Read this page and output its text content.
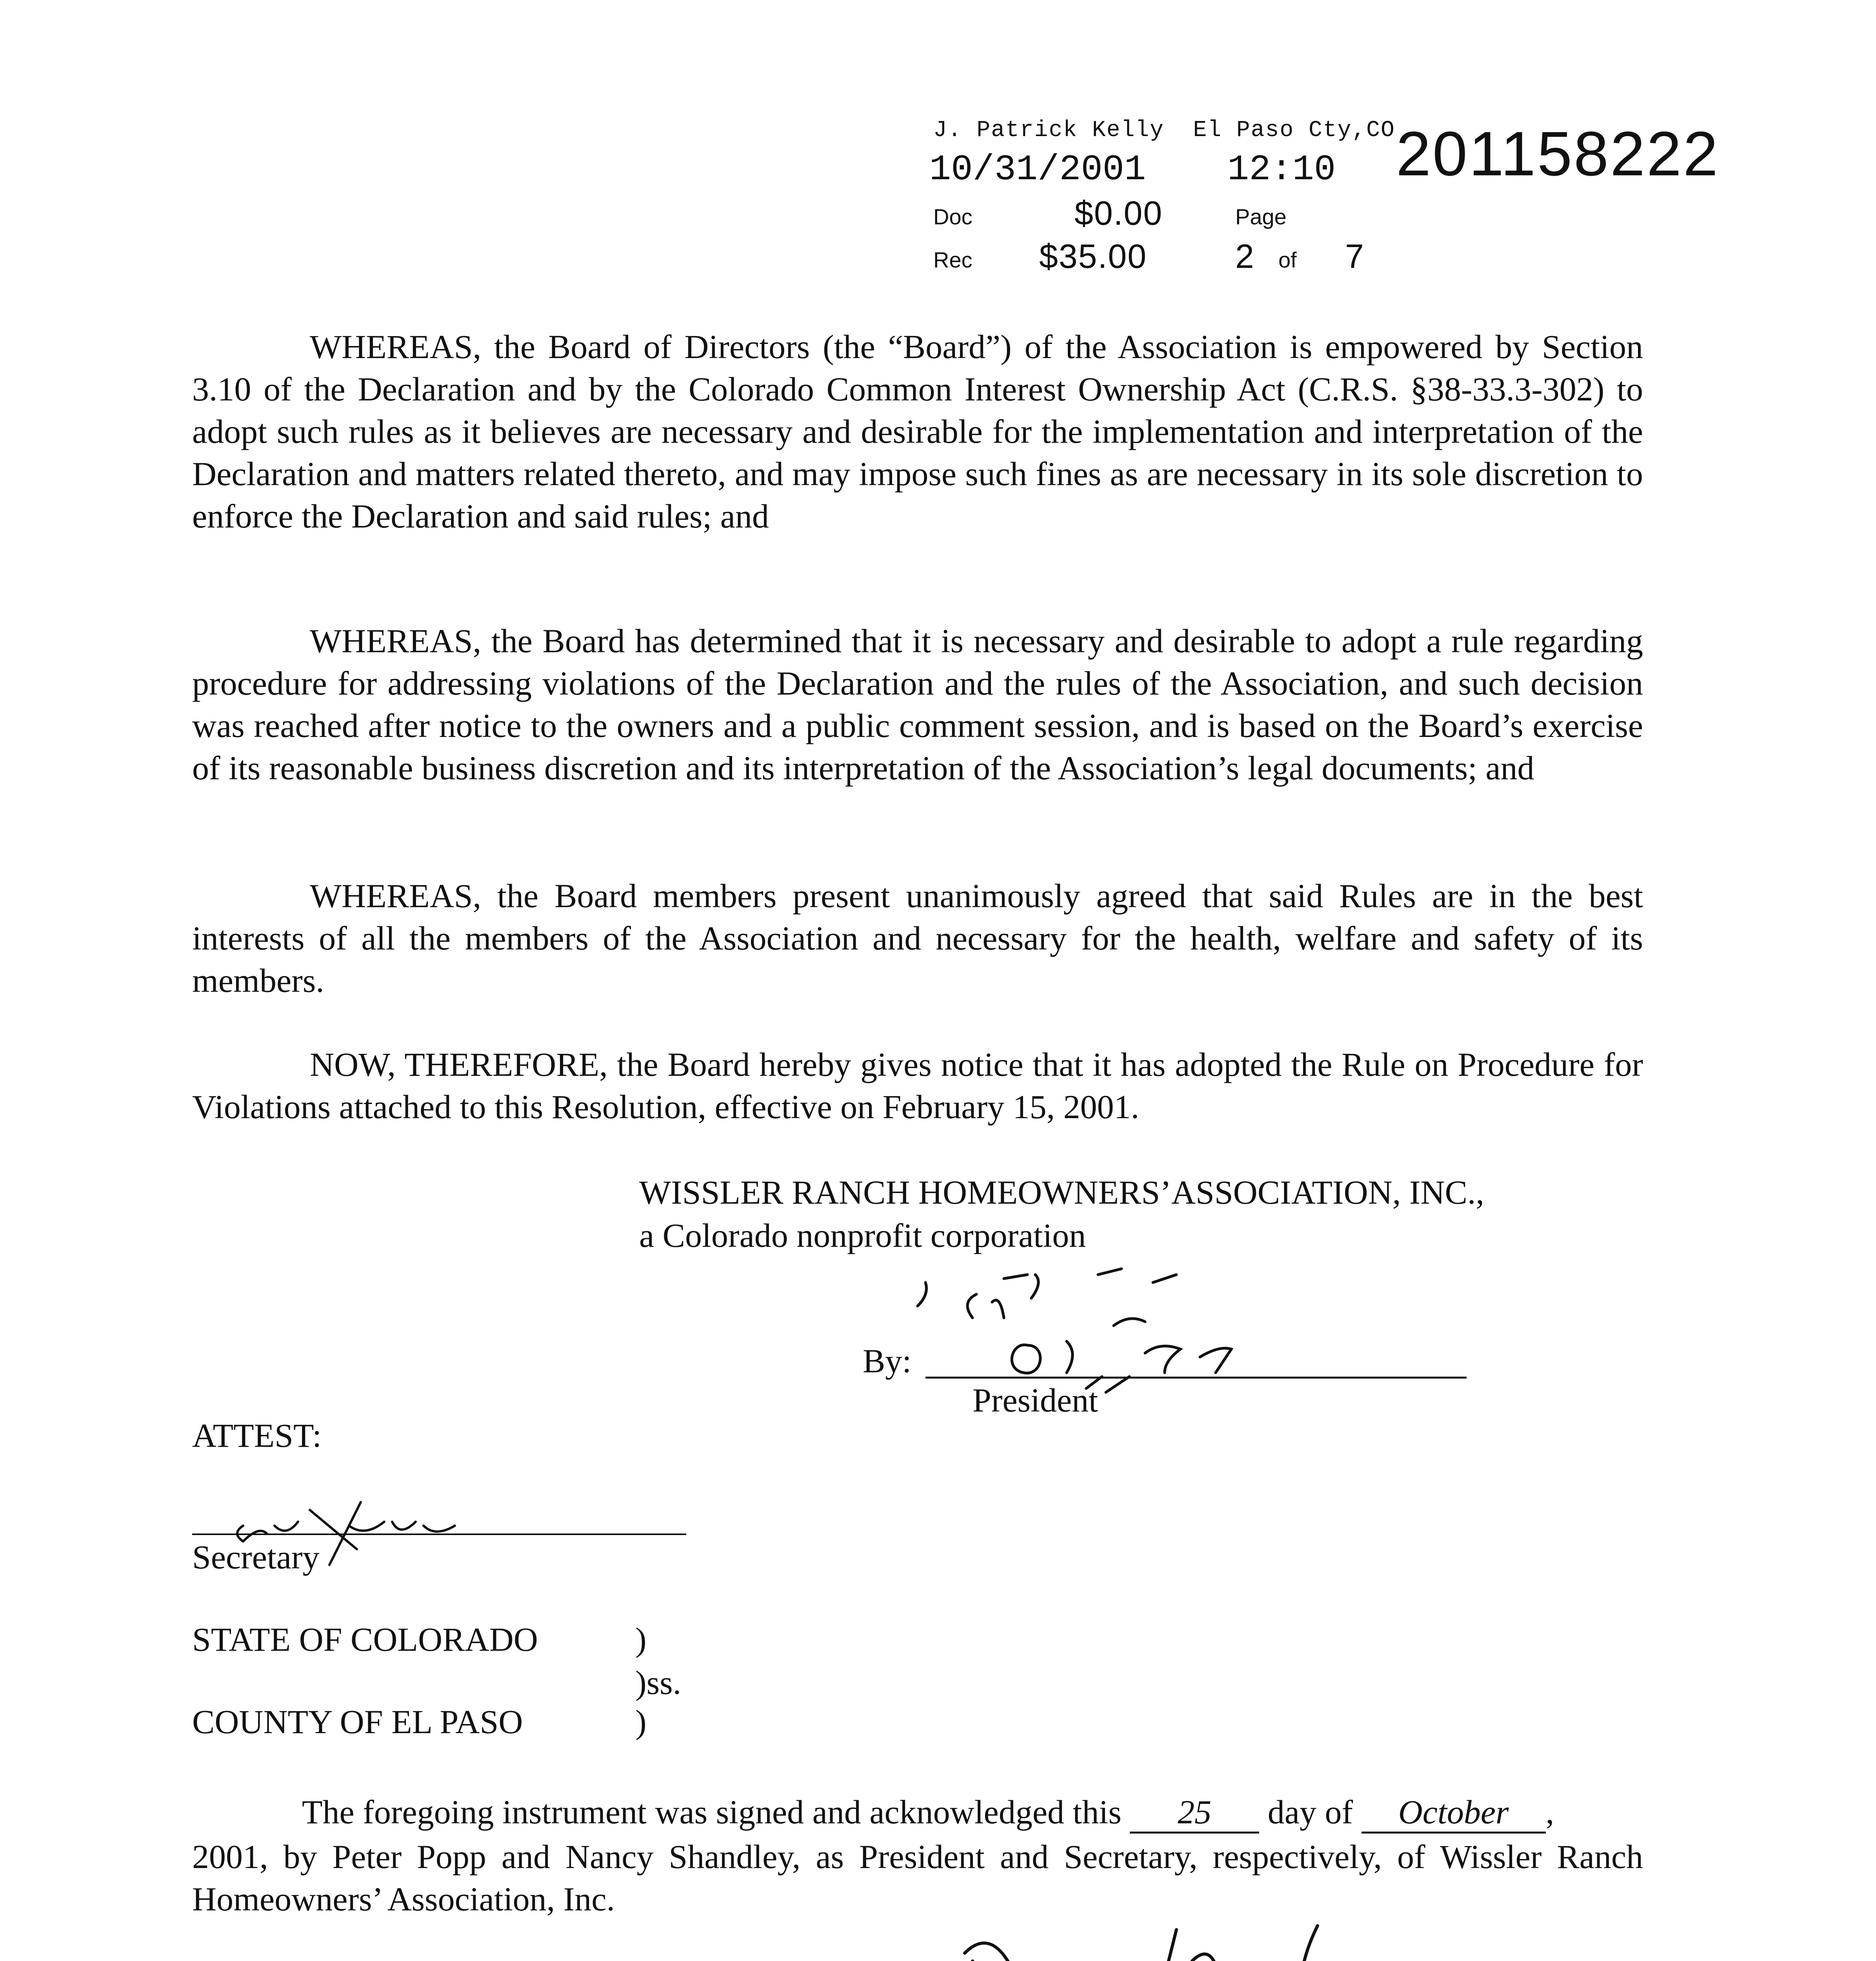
J. Patrick Kelly El Paso Cty,CO
10/31/2001 12:10 201158222
Doc	$0.00	Page
Rec $35.00	2 of 7
WHEREAS, the Board of Directors (the “Board”) of the Association is empowered by Section 3.10 of the Declaration and by the Colorado Common Interest Ownership Act (C.R.S. §38-33.3-302) to adopt such rules as it believes are necessary and desirable for the implementation and interpretation of the Declaration and matters related thereto, and may impose such fines as are necessary in its sole discretion to enforce the Declaration and said rules; and
WHEREAS, the Board has determined that it is necessary and desirable to adopt a rule regarding procedure for addressing violations of the Declaration and the rules of the Association, and such decision was reached after notice to the owners and a public comment session, and is based on the Board’s exercise of its reasonable business discretion and its interpretation of the Association’s legal documents; and
WHEREAS, the Board members present unanimously agreed that said Rules are in the best interests of all the members of the Association and necessary for the health, welfare and safety of its members.
NOW, THEREFORE, the Board hereby gives notice that it has adopted the Rule on Procedure for Violations attached to this Resolution, effective on February 15, 2001.
WISSLER RANCH HOMEOWNERS’ASSOCIATION, INC.,
a Colorado nonprofit corporation
By:
President
ATTEST:
Secretary
STATE OF COLORADO	)
)ss.
COUNTY OF EL PASO	)
The foregoing instrument was signed and acknowledged this 25 day of October ,
2001, by Peter Popp and Nancy Shandley, as President and Secretary, respectively, of Wissler Ranch Homeowners’ Association, Inc.
